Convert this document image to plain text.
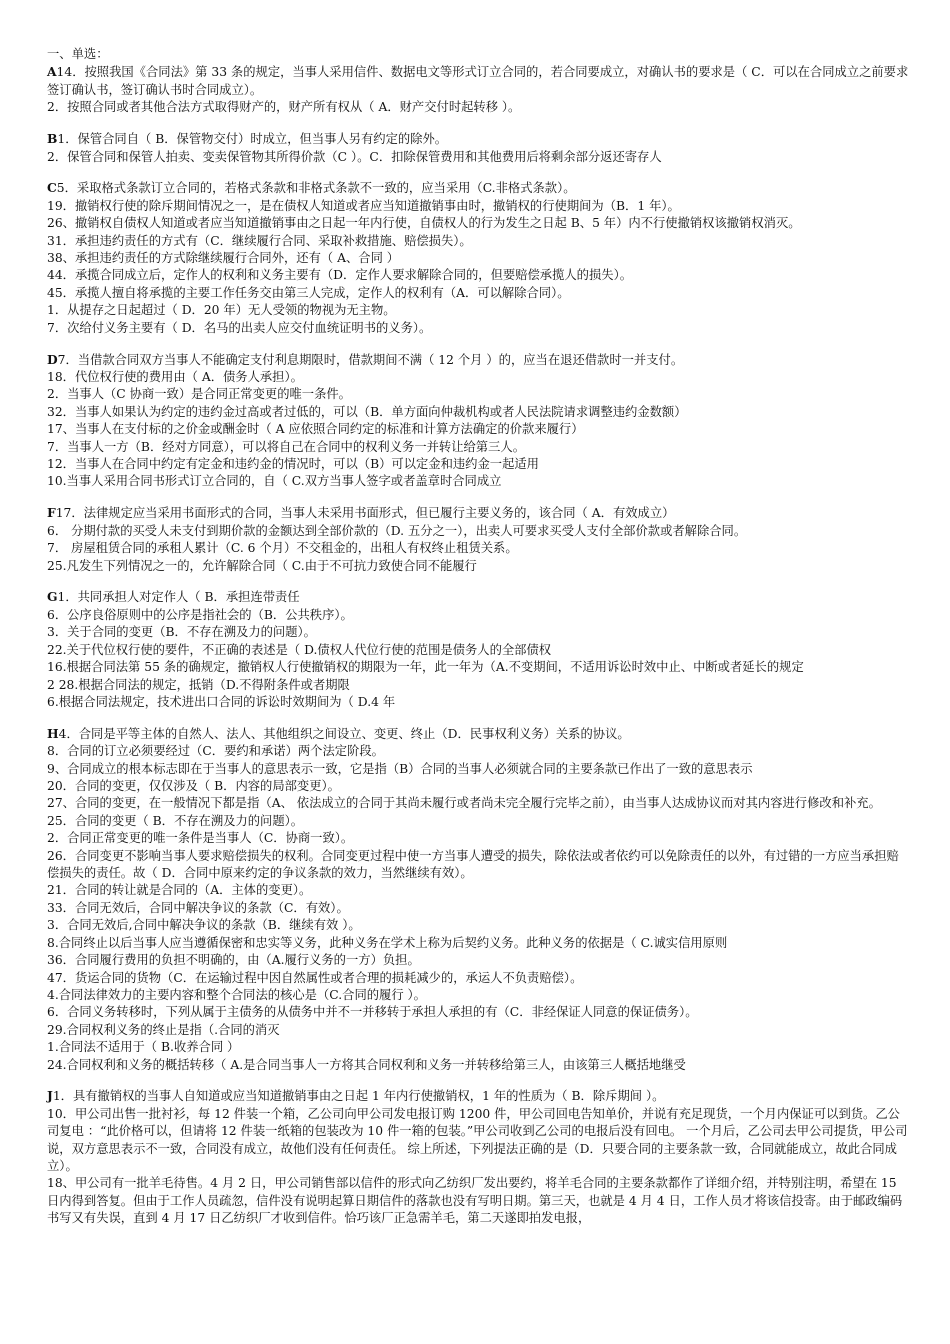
一、单选：
A14．按照我国《合同法》第 33 条的规定，当事人采用信件、数据电文等形式订立合同的，若合同要成立，对确认书的要求是（ C．可以在合同成立之前要求签订确认书，签订确认书时合同成立）。
2．按照合同或者其他合法方式取得财产的，财产所有权从（ A．财产交付时起转移 ）。
B1．保管合同自（ B．保管物交付）时成立，但当事人另有约定的除外。
2．保管合同和保管人拍卖、变卖保管物其所得价款（C ）。C．扣除保管费用和其他费用后将剩余部分返还寄存人
C5．采取格式条款订立合同的，若格式条款和非格式条款不一致的，应当采用（C.非格式条款）。
19．撤销权行使的除斥期间情况之一，是在债权人知道或者应当知道撤销事由时，撤销权的行使期间为（B．1 年）。
26、撤销权自债权人知道或者应当知道撤销事由之日起一年内行使，自债权人的行为发生之日起 B、5 年）内不行使撤销权该撤销权消灭。
31．承担违约责任的方式有（C．继续履行合同、采取补救措施、赔偿损失）。
38、承担违约责任的方式除继续履行合同外，还有（ A、合同 ）
44．承揽合同成立后，定作人的权利和义务主要有（D．定作人要求解除合同的，但要赔偿承揽人的损失）。
45．承揽人擅自将承揽的主要工作任务交由第三人完成，定作人的权利有（A．可以解除合同）。
1．从提存之日起超过（ D．20 年）无人受领的物视为无主物。
7．次给付义务主要有（ D．名马的出卖人应交付血统证明书的义务）。
D7．当借款合同双方当事人不能确定支付利息期限时，借款期间不满（ 12 个月 ）的，应当在退还借款时一并支付。
18．代位权行使的费用由（ A．债务人承担）。
2．当事人（C 协商一致）是合同正常变更的唯一条件。
32．当事人如果认为约定的违约金过高或者过低的，可以（B．单方面向仲裁机构或者人民法院请求调整违约金数额）
17、当事人在支付标的之价金或酬金时（ A 应依照合同约定的标准和计算方法确定的价款来履行）
7．当事人一方（B．经对方同意），可以将自己在合同中的权利义务一并转让给第三人。
12．当事人在合同中约定有定金和违约金的情况时，可以（B）可以定金和违约金一起适用
10.当事人采用合同书形式订立合同的，自（ C.双方当事人签字或者盖章时合同成立
F17．法律规定应当采用书面形式的合同，当事人未采用书面形式，但已履行主要义务的，该合同（ A．有效成立）
6． 分期付款的买受人未支付到期价款的金额达到全部价款的（D. 五分之一），出卖人可要求买受人支付全部价款或者解除合同。
7． 房屋租赁合同的承租人累计（C. 6 个月）不交租金的，出租人有权终止租赁关系。
25.凡发生下列情况之一的，允许解除合同（ C.由于不可抗力致使合同不能履行
G1．共同承担人对定作人（ B．承担连带责任
6．公序良俗原则中的公序是指社会的（B．公共秩序）。
3．关于合同的变更（B．不存在溯及力的问题）。
22.关于代位权行使的要件，不正确的表述是（ D.债权人代位行使的范围是债务人的全部债权
16.根据合同法第 55 条的确规定，撤销权人行使撤销权的期限为一年，此一年为（A.不变期间，不适用诉讼时效中止、中断或者延长的规定
2 28.根据合同法的规定，抵销（D.不得附条件或者期限
6.根据合同法规定，技术进出口合同的诉讼时效期间为（ D.4 年
H4．合同是平等主体的自然人、法人、其他组织之间设立、变更、终止（D．民事权利义务）关系的协议。
8．合同的订立必须要经过（C．要约和承诺）两个法定阶段。
9、合同成立的根本标志即在于当事人的意思表示一致，它是指（B）合同的当事人必须就合同的主要条款已作出了一致的意思表示
20．合同的变更，仅仅涉及（ B．内容的局部变更）。
27、合同的变更，在一般情况下都是指（A、 依法成立的合同于其尚未履行或者尚未完全履行完毕之前），由当事人达成协议而对其内容进行修改和补充。
25．合同的变更（ B．不存在溯及力的问题）。
2．合同正常变更的唯一条件是当事人（C．协商一致）。
26．合同变更不影响当事人要求赔偿损失的权利。合同变更过程中使一方当事人遭受的损失，除依法或者依约可以免除责任的以外，有过错的一方应当承担赔偿损失的责任。故（ D．合同中原来约定的争议条款的效力，当然继续有效）。
21．合同的转让就是合同的（A．主体的变更）。
33．合同无效后，合同中解决争议的条款（C．有效）。
3．合同无效后,合同中解决争议的条款（B．继续有效 ）。
8.合同终止以后当事人应当遵循保密和忠实等义务，此种义务在学术上称为后契约义务。此种义务的依据是（ C.诚实信用原则
36．合同履行费用的负担不明确的，由（A.履行义务的一方）负担。
47．货运合同的货物（C．在运输过程中因自然属性或者合理的损耗减少的，承运人不负责赔偿）。
4.合同法律效力的主要内容和整个合同法的核心是（C.合同的履行 ）。
6．合同义务转移时，下列从属于主债务的从债务中并不一并移转于承担人承担的有（C．非经保证人同意的保证债务）。
29.合同权利义务的终止是指（.合同的消灭
1.合同法不适用于（ B.收养合同 ）
24.合同权利和义务的概括转移（ A.是合同当事人一方将其合同权利和义务一并转移给第三人，由该第三人概括地继受
J1．具有撤销权的当事人自知道或应当知道撤销事由之日起 1 年内行使撤销权，1 年的性质为（ B．除斥期间 ）。
10．甲公司出售一批衬衫，每 12 件装一个箱，乙公司向甲公司发电报订购 1200 件，甲公司回电告知单价，并说有充足现货，一个月内保证可以到货。乙公司复电 ：“此价格可以，但请将 12 件装一纸箱的包装改为 10 件一箱的包装。”甲公司收到乙公司的电报后没有回电。 一个月后，乙公司去甲公司提货，甲公司说，双方意思表示不一致，合同没有成立，故他们没有任何责任。 综上所述，下列提法正确的是（D．只要合同的主要条款一致，合同就能成立，故此合同成立）。
18、甲公司有一批羊毛待售。4 月 2 日，甲公司销售部以信件的形式向乙纺织厂发出要约，将羊毛合同的主要条款都作了详细介绍，并特别注明，希望在 15 日内得到答复。但由于工作人员疏忽，信件没有说明起算日期信件的落款也没有写明日期。第三天，也就是 4 月 4 日，工作人员才将该信投寄。由于邮政编码书写又有失误，直到 4 月 17 日乙纺织厂才收到信件。恰巧该厂正急需羊毛，第二天遂即拍发电报，
